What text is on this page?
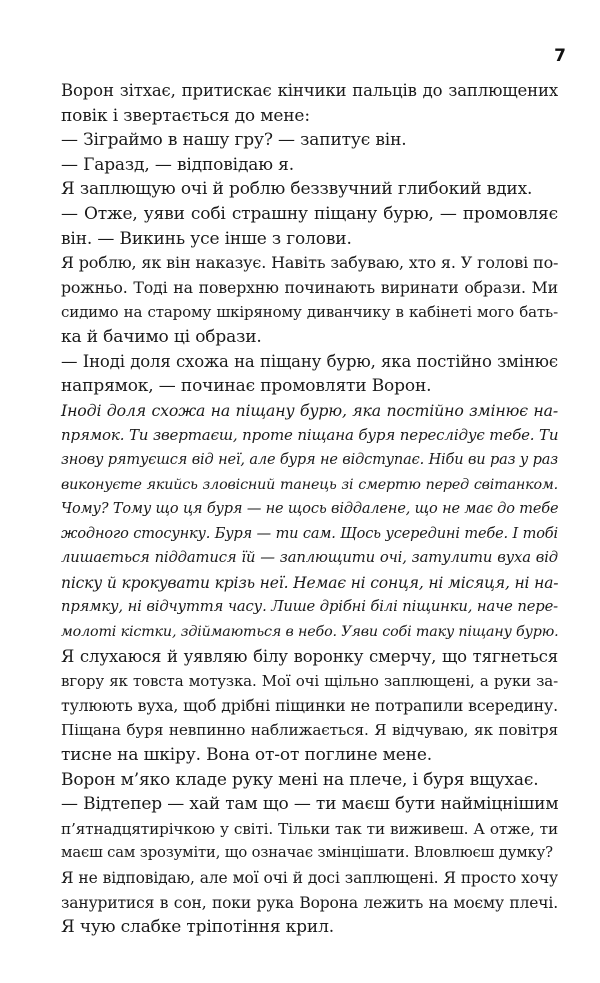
7
Ворон зітхає, притискає кінчики пальців до заплющених
повік і звертається до мене:
— Зіграймо в нашу гру? — запитує він.
— Гаразд, — відповідаю я.
Я заплющую очі й роблю беззвучний глибокий вдих.
— Отже, уяви собі страшну піщану бурю, — промовляє
він. — Викинь усе інше з голови.
Я роблю, як він наказує. Навіть забуваю, хто я. У голові по-
рожньо. Тоді на поверхню починають виринати образи. Ми
сидимо на старому шкіряному диванчику в кабінеті мого бать-
ка й бачимо ці образи.
— Іноді доля схожа на піщану бурю, яка постійно змінює
напрямок, — починає промовляти Ворон.
Іноді доля схожа на піщану бурю, яка постійно змінює на-
прямок. Ти звертаєш, проте піщана буря переслідує тебе. Ти
знову рятуєшся від неї, але буря не відступає. Ніби ви раз у раз
виконуєте якийсь зловісний танець зі смертю перед світанком.
Чому? Тому що ця буря — не щось віддалене, що не має до тебе
жодного стосунку. Буря — ти сам. Щось усередині тебе. І тобі
лишається піддатися їй — заплющити очі, затулити вуха від
піску й крокувати крізь неї. Немає ні сонця, ні місяця, ні на-
прямку, ні відчуття часу. Лише дрібні білі піщинки, наче пере-
молоті кістки, здіймаються в небо. Уяви собі таку піщану бурю.
Я слухаюся й уявляю білу воронку смерчу, що тягнеться
вгору як товста мотузка. Мої очі щільно заплющені, а руки за-
тулюють вуха, щоб дрібні піщинки не потрапили всередину.
Піщана буря невпинно наближається. Я відчуваю, як повітря
тисне на шкіру. Вона от-от поглине мене.
Ворон м’яко кладе руку мені на плече, і буря вщухає.
— Відтепер — хай там що — ти маєш бути найміцнішим
п’ятнадцятирічкою у світі. Тільки так ти виживеш. А отже, ти
маєш сам зрозуміти, що означає змінцішати. Вловлюєш думку?
Я не відповідаю, але мої очі й досі заплющені. Я просто хочу
зануритися в сон, поки рука Ворона лежить на моєму плечі.
Я чую слабке тріпотіння крил.
